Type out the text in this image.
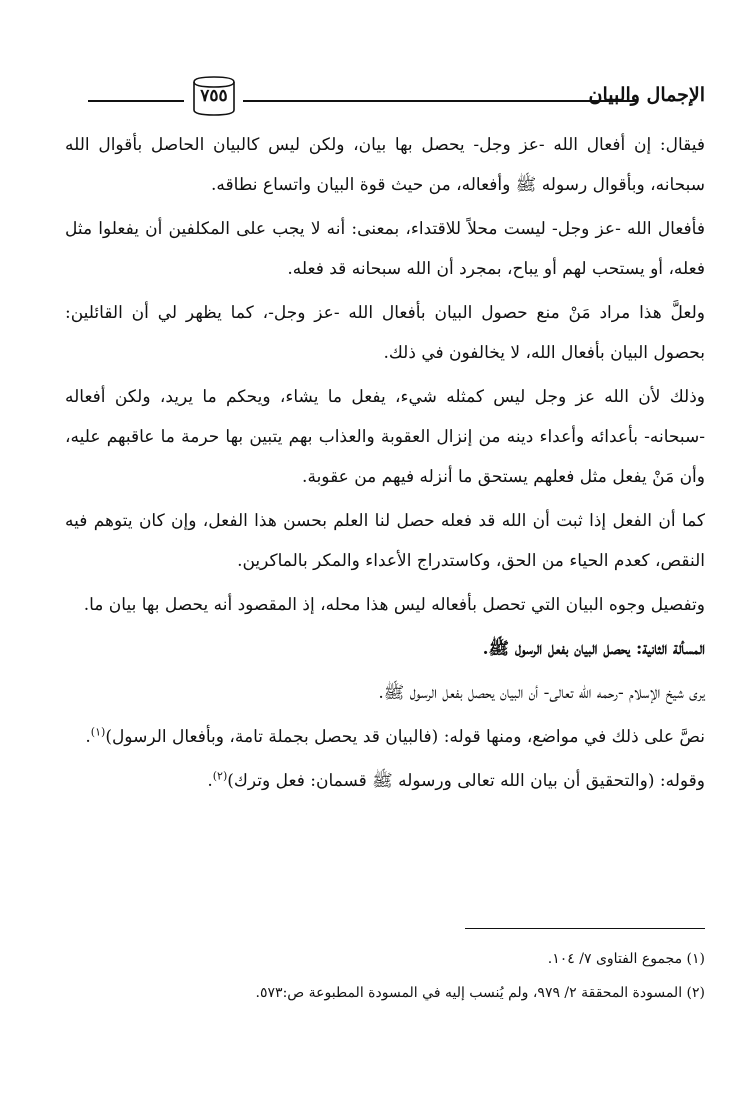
٧٥٥	الإجمال والبيان

فيقال: إن أفعال الله -عز وجل- يحصل بها بيان، ولكن ليس كالبيان الحاصل بأقوال الله سبحانه، وبأقوال رسوله ﷺ وأفعاله، من حيث قوة البيان واتساع نطاقه.

فأفعال الله -عز وجل- ليست محلاً للاقتداء، بمعنى: أنه لا يجب على المكلفين أن يفعلوا مثل فعله، أو يستحب لهم أو يباح، بمجرد أن الله سبحانه قد فعله.

ولعلَّ هذا مراد مَنْ منع حصول البيان بأفعال الله -عز وجل-، كما يظهر لي أن القائلين: بحصول البيان بأفعال الله، لا يخالفون في ذلك.

وذلك لأن الله عز وجل ليس كمثله شيء، يفعل ما يشاء، ويحكم ما يريد، ولكن أفعاله -سبحانه- بأعدائه وأعداء دينه من إنزال العقوبة والعذاب بهم يتبين بها حرمة ما عاقبهم عليه، وأن مَنْ يفعل مثل فعلهم يستحق ما أنزله فيهم من عقوبة.

كما أن الفعل إذا ثبت أن الله قد فعله حصل لنا العلم بحسن هذا الفعل، وإن كان يتوهم فيه النقص، كعدم الحياء من الحق، وكاستدراج الأعداء والمكر بالماكرين.

وتفصيل وجوه البيان التي تحصل بأفعاله ليس هذا محله، إذ المقصود أنه يحصل بها بيان ما.

المسألة الثانية: يحصل البيان بفعل الرسول ﷺ.

يرى شيخ الإسلام -رحمه الله تعالى- أن البيان يحصل بفعل الرسول ﷺ.

نصَّ على ذلك في مواضع، ومنها قوله: (فالبيان قد يحصل بجملة تامة، وبأفعال الرسول)$^{(١)}$.

وقوله: (والتحقيق أن بيان الله تعالى ورسوله ﷺ قسمان: فعل وترك)$^{(٢)}$.

(١) مجموع الفتاوى ٧/ ١٠٤.

(٢) المسودة المحققة ٢/ ٩٧٩، ولم يُنسب إليه في المسودة المطبوعة ص:٥٧٣.
